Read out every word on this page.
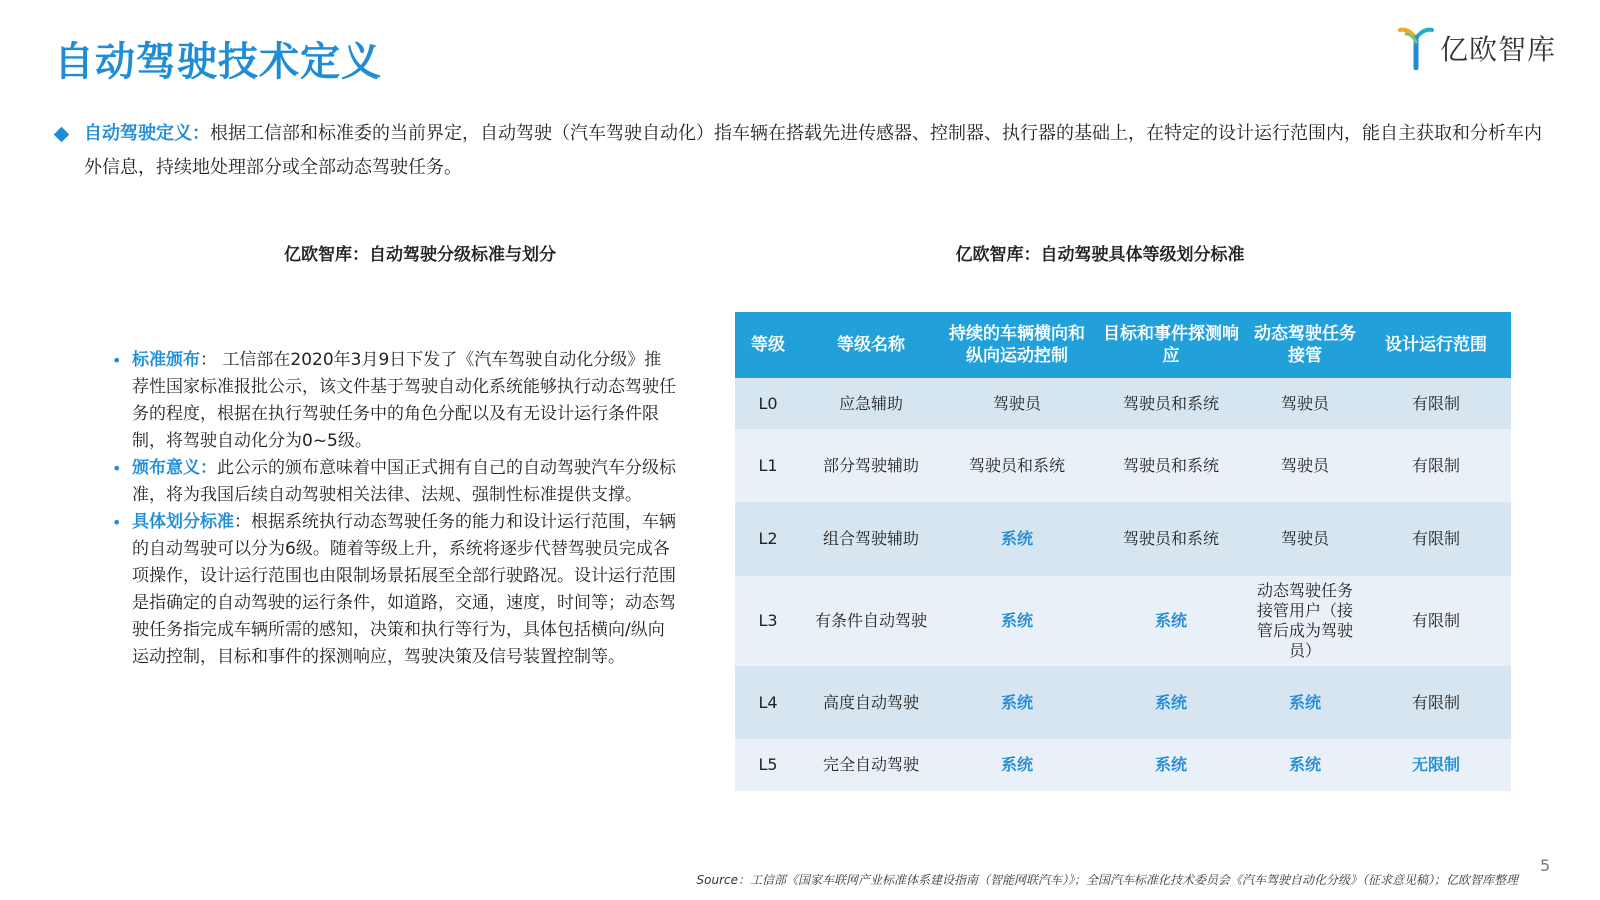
自动驾驶技术定义	亿欧智库
自动驾驶定义：根据工信部和标准委的当前界定，自动驾驶（汽车驾驶自动化）指车辆在搭载先进传感器、控制器、执行器的基础上，在特定的设计运行范围内，能自主获取和分析车内外信息，持续地处理部分或全部动态驾驶任务。
亿欧智库：自动驾驶分级标准与划分	亿欧智库：自动驾驶具体等级划分标准
• 标准颁布： 工信部在2020年3月9日下发了《汽车驾驶自动化分级》推荐性国家标准报批公示，该文件基于驾驶自动化系统能够执行动态驾驶任务的程度，根据在执行驾驶任务中的角色分配以及有无设计运行条件限制，将驾驶自动化分为0~5级。
• 颁布意义：此公示的颁布意味着中国正式拥有自己的自动驾驶汽车分级标准，将为我国后续自动驾驶相关法律、法规、强制性标准提供支撑。
• 具体划分标准：根据系统执行动态驾驶任务的能力和设计运行范围，车辆的自动驾驶可以分为6级。随着等级上升，系统将逐步代替驾驶员完成各项操作，设计运行范围也由限制场景拓展至全部行驶路况。设计运行范围是指确定的自动驾驶的运行条件，如道路，交通，速度，时间等；动态驾驶任务指完成车辆所需的感知，决策和执行等行为，具体包括横向/纵向运动控制，目标和事件的探测响应，驾驶决策及信号装置控制等。
等级	等级名称	持续的车辆横向和纵向运动控制	目标和事件探测响应	动态驾驶任务接管	设计运行范围
L0	应急辅助	驾驶员	驾驶员和系统	驾驶员	有限制
L1	部分驾驶辅助	驾驶员和系统	驾驶员和系统	驾驶员	有限制
L2	组合驾驶辅助	系统	驾驶员和系统	驾驶员	有限制
L3	有条件自动驾驶	系统	系统	动态驾驶任务接管用户（接管后成为驾驶员）	有限制
L4	高度自动驾驶	系统	系统	系统	有限制
L5	完全自动驾驶	系统	系统	系统	无限制
5
Source：工信部《国家车联网产业标准体系建设指南（智能网联汽车）》；全国汽车标准化技术委员会《汽车驾驶自动化分级》（征求意见稿）；亿欧智库整理
